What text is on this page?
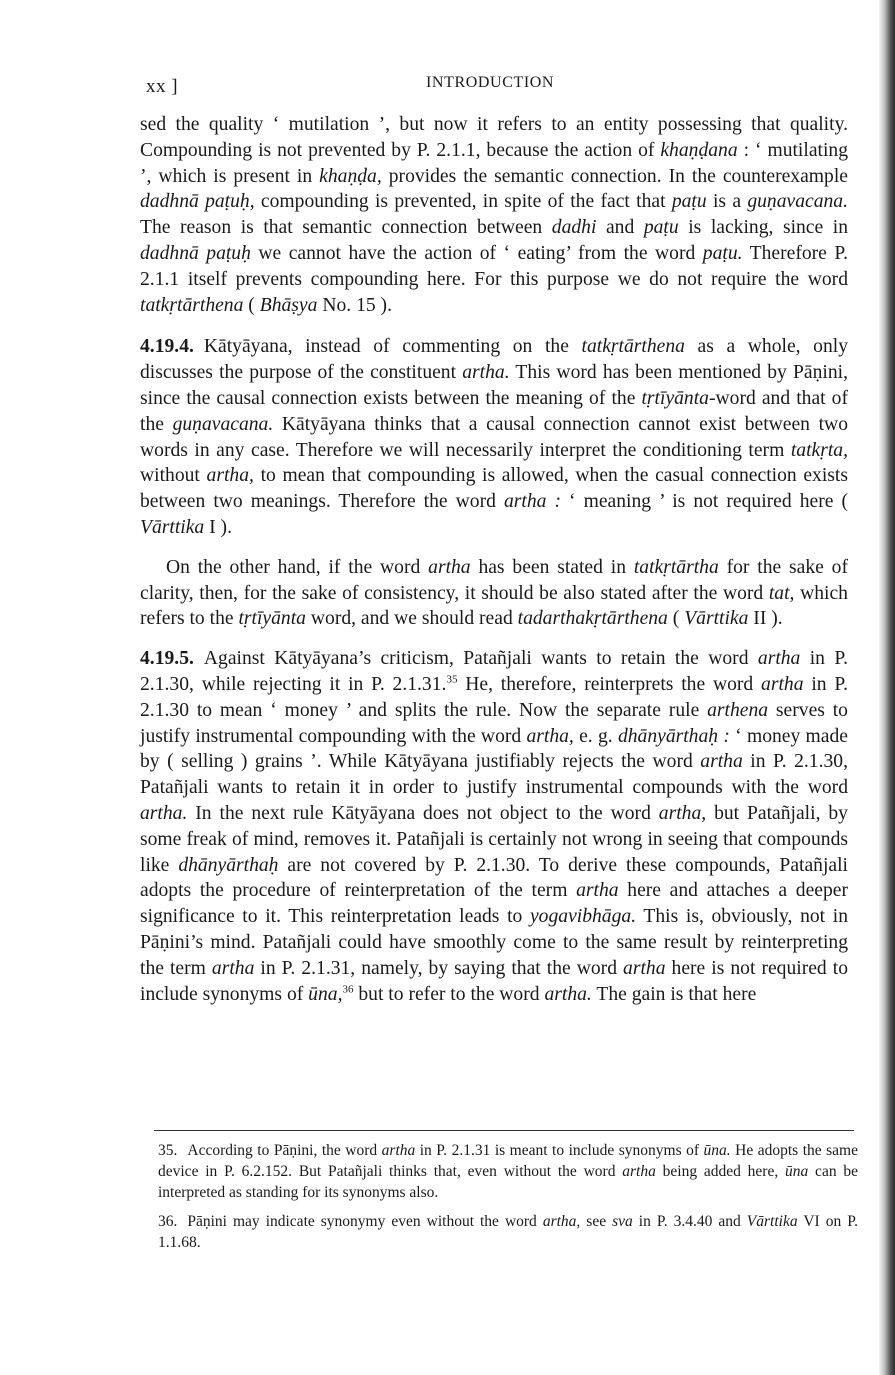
xx ]	INTRODUCTION

sed the quality ‘ mutilation ’, but now it refers to an entity possessing that quality. Compounding is not prevented by P. 2.1.1, because the action of khaṇḍana : ‘ mutilating ’, which is present in khaṇḍa, provides the semantic connection. In the counterexample dadhnā paṭuḥ, compounding is prevented, in spite of the fact that paṭu is a guṇavacana. The reason is that semantic connection between dadhi and paṭu is lacking, since in dadhnā paṭuḥ we cannot have the action of ‘ eating’ from the word paṭu. Therefore P. 2.1.1 itself prevents compounding here. For this purpose we do not require the word tatkṛtārthena ( Bhāṣya No. 15 ).

4.19.4. Kātyāyana, instead of commenting on the tatkṛtārthena as a whole, only discusses the purpose of the constituent artha. This word has been mentioned by Pāṇini, since the causal connection exists between the meaning of the tṛtīyānta-word and that of the guṇavacana. Kātyāyana thinks that a causal connection cannot exist between two words in any case. Therefore we will necessarily interpret the conditioning term tatkṛta, without artha, to mean that compounding is allowed, when the casual connection exists between two meanings. Therefore the word artha : ‘ meaning ’ is not required here ( Vārttika I ).

On the other hand, if the word artha has been stated in tatkṛtārtha for the sake of clarity, then, for the sake of consistency, it should be also stated after the word tat, which refers to the tṛtīyānta word, and we should read tadarthakṛtārthena ( Vārttika II ).

4.19.5. Against Kātyāyana’s criticism, Patañjali wants to retain the word artha in P. 2.1.30, while rejecting it in P. 2.1.31.35 He, therefore, reinterprets the word artha in P. 2.1.30 to mean ‘ money ’ and splits the rule. Now the separate rule arthena serves to justify instrumental compounding with the word artha, e. g. dhānyārthaḥ : ‘ money made by ( selling ) grains ’. While Kātyāyana justifiably rejects the word artha in P. 2.1.30, Patañjali wants to retain it in order to justify instrumental compounds with the word artha. In the next rule Kātyāyana does not object to the word artha, but Patañjali, by some freak of mind, removes it. Patañjali is certainly not wrong in seeing that compounds like dhānyārthaḥ are not covered by P. 2.1.30. To derive these compounds, Patañjali adopts the procedure of reinterpretation of the term artha here and attaches a deeper significance to it. This reinterpretation leads to yogavibhāga. This is, obviously, not in Pāṇini’s mind. Patañjali could have smoothly come to the same result by reinterpreting the term artha in P. 2.1.31, namely, by saying that the word artha here is not required to include synonyms of ūna,$^{36}$ but to refer to the word artha. The gain is that here

35. According to Pāṇini, the word artha in P. 2.1.31 is meant to include synonyms of ūna. He adopts the same device in P. 6.2.152. But Patañjali thinks that, even without the word artha being added here, ūna can be interpreted as standing for its synonyms also.

36. Pāṇini may indicate synonymy even without the word artha, see sva in P. 3.4.40 and Vārttika VI on P. 1.1.68.
